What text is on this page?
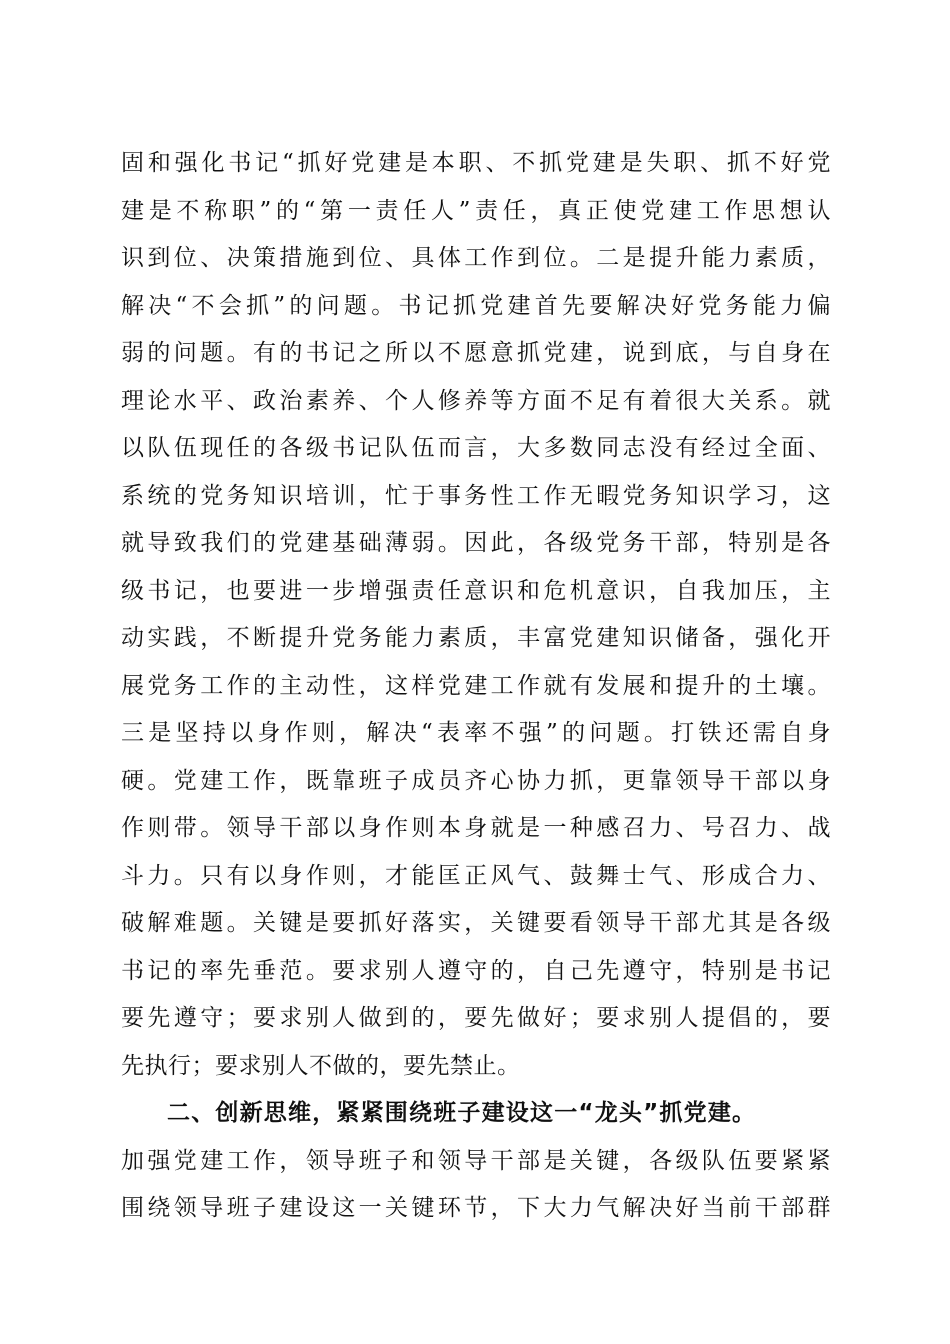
固和强化书记“抓好党建是本职、不抓党建是失职、抓不好党
建是不称职”的“第一责任人”责任，真正使党建工作思想认
识到位、决策措施到位、具体工作到位。二是提升能力素质，
解决“不会抓”的问题。书记抓党建首先要解决好党务能力偏
弱的问题。有的书记之所以不愿意抓党建，说到底，与自身在
理论水平、政治素养、个人修养等方面不足有着很大关系。就
以队伍现任的各级书记队伍而言，大多数同志没有经过全面、
系统的党务知识培训，忙于事务性工作无暇党务知识学习，这
就导致我们的党建基础薄弱。因此，各级党务干部，特别是各
级书记，也要进一步增强责任意识和危机意识，自我加压，主
动实践，不断提升党务能力素质，丰富党建知识储备，强化开
展党务工作的主动性，这样党建工作就有发展和提升的土壤。
三是坚持以身作则，解决“表率不强”的问题。打铁还需自身
硬。党建工作，既靠班子成员齐心协力抓，更靠领导干部以身
作则带。领导干部以身作则本身就是一种感召力、号召力、战
斗力。只有以身作则，才能匡正风气、鼓舞士气、形成合力、
破解难题。关键是要抓好落实，关键要看领导干部尤其是各级
书记的率先垂范。要求别人遵守的，自己先遵守，特别是书记
要先遵守；要求别人做到的，要先做好；要求别人提倡的，要
先执行；要求别人不做的，要先禁止。
二、创新思维，紧紧围绕班子建设这一“龙头”抓党建。
加强党建工作，领导班子和领导干部是关键，各级队伍要紧紧
围绕领导班子建设这一关键环节，下大力气解决好当前干部群
